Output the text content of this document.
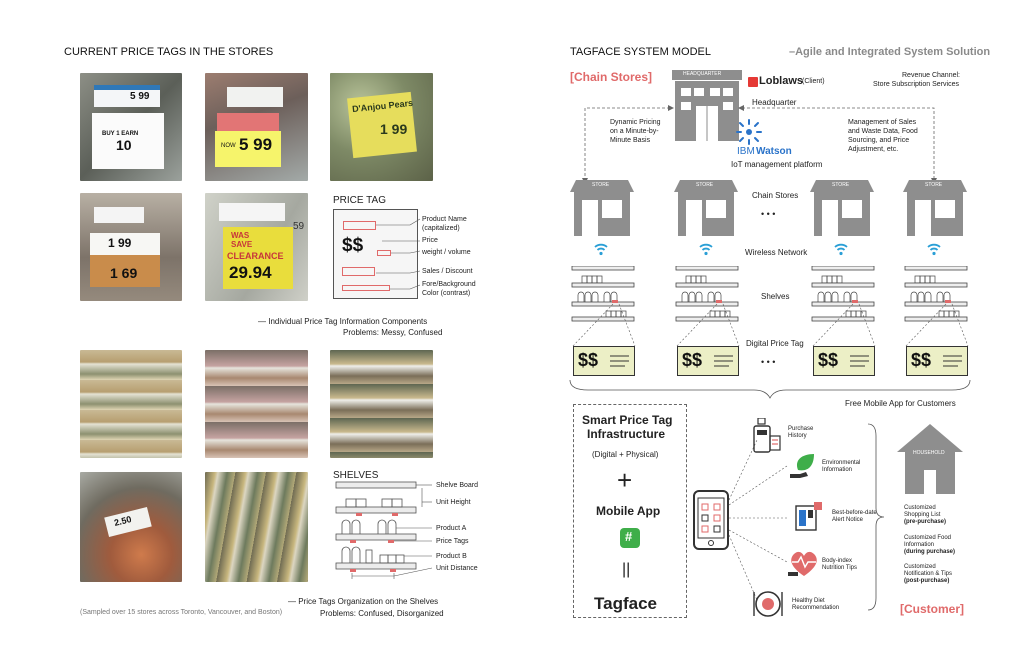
CURRENT PRICE TAGS IN THE STORES
5 99
BUY 1 EARN
10	NOW 5 99
D'Anjou Pears
1 99
1 99
1 69
WAS
SAVE
CLEARANCE
29.94
59
PRICE TAG
$$
Product Name
(capitalized)
Price
weight / volume
Sales / Discount
Fore/Background
Color (contrast)
— Individual Price Tag Information Components
Problems: Messy, Confused
2.50
SHELVES
Shelve Board
Unit Height
Product A
Price Tags
Product B
Unit Distance
— Price Tags Organization on the Shelves
(Sampled over 15 stores across Toronto, Vancouver, and Boston)	Problems: Confused, Disorganized
TAGFACE SYSTEM MODEL	–Agile and Integrated System Solution
[Chain Stores]	HEADQUARTER
Loblaws
(Client)
Headquarter
Revenue Channel:
Store Subscription Services
Dynamic Pricing
on a Minute-by-
Minute Basis
Management of Sales
and Waste Data, Food
Sourcing, and Price
Adjustment, etc.
IBM Watson
IoT management platform
STORE	STORE	STORE	STORE
Chain Stores
• • •
Wireless Network
Shelves
$$	$$	$$	$$
Digital Price Tag
• • •
Free Mobile App for Customers
Smart Price Tag
Infrastructure
(Digital + Physical)
+
Mobile App
#
||
Tagface
Purchase
History
Environmental
Information
Best-before-date
Alert Notice
Body-index
Nutrition Tips
Healthy Diet
Recommendation
HOUSEHOLD
Customized
Shopping List
(pre-purchase)
Customized Food
Information
(during purchase)
Customized
Notification & Tips
(post-purchase)
[Customer]
